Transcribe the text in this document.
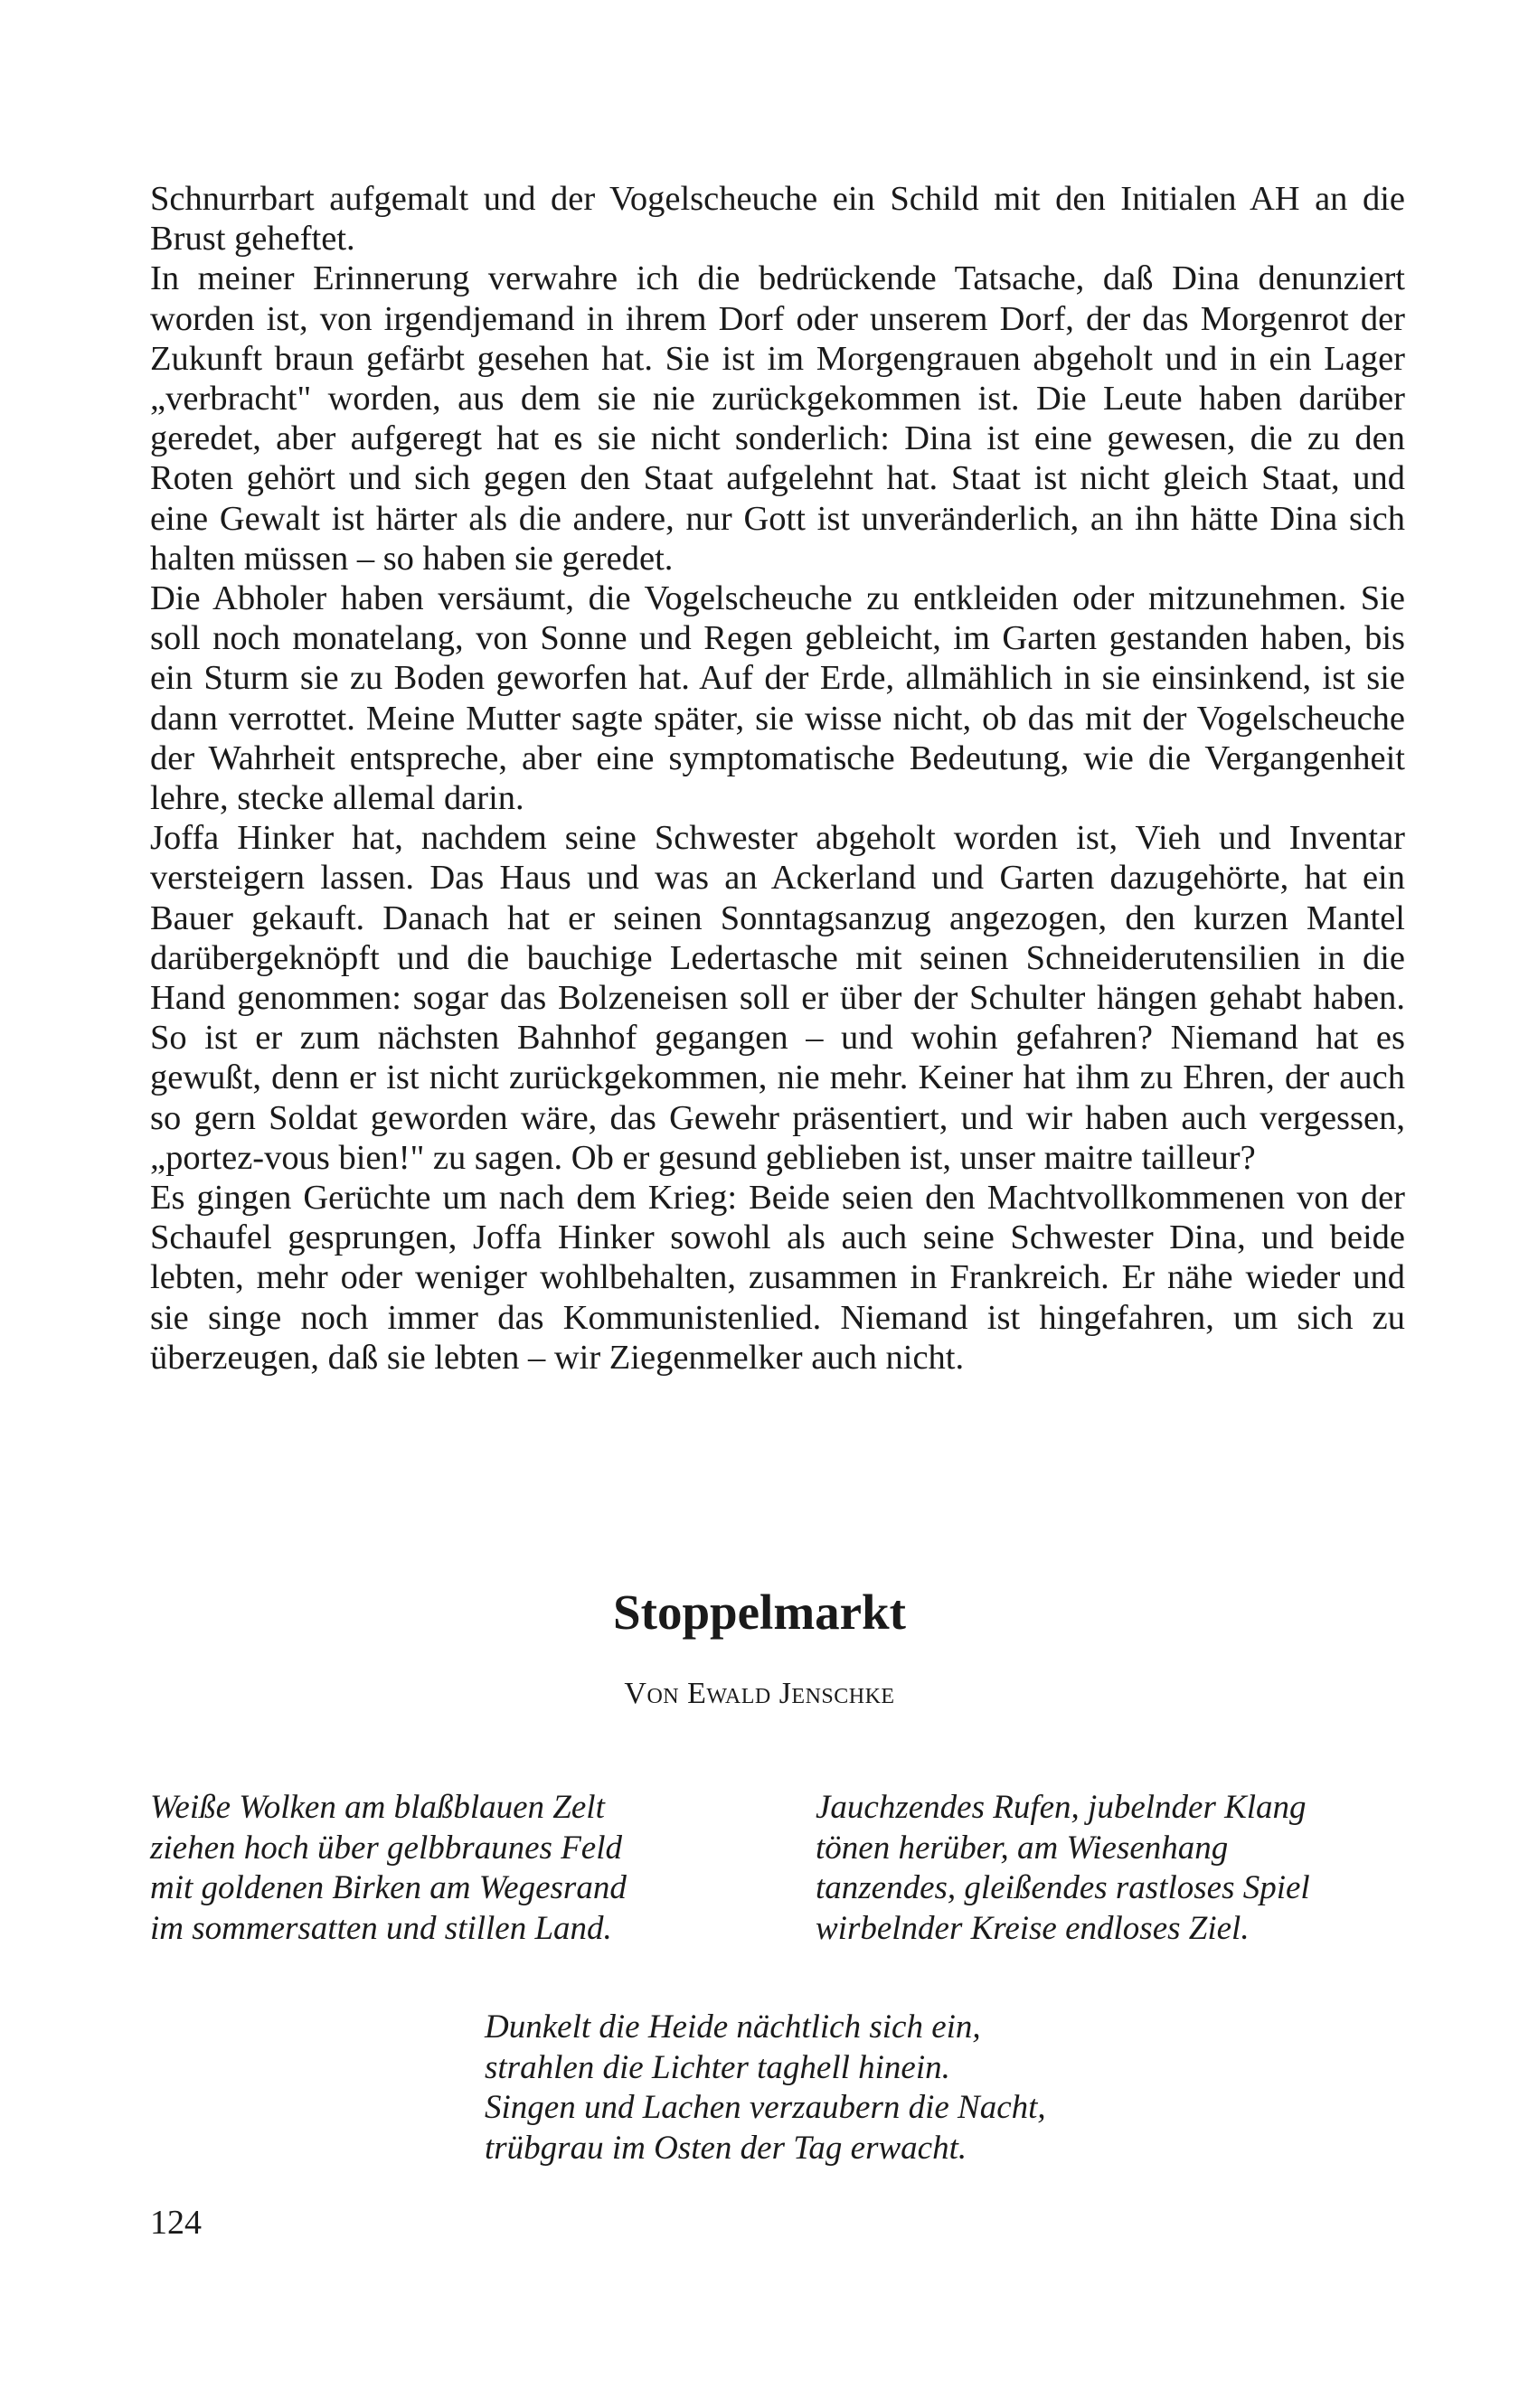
Schnurrbart aufgemalt und der Vogelscheuche ein Schild mit den Initialen AH an die Brust geheftet.

In meiner Erinnerung verwahre ich die bedrückende Tatsache, daß Dina denunziert worden ist, von irgendjemand in ihrem Dorf oder unserem Dorf, der das Morgenrot der Zukunft braun gefärbt gesehen hat. Sie ist im Morgengrauen abgeholt und in ein Lager „verbracht" worden, aus dem sie nie zurückgekommen ist. Die Leute haben darüber geredet, aber aufgeregt hat es sie nicht sonderlich: Dina ist eine gewesen, die zu den Roten gehört und sich gegen den Staat aufgelehnt hat. Staat ist nicht gleich Staat, und eine Gewalt ist härter als die andere, nur Gott ist unveränderlich, an ihn hätte Dina sich halten müssen – so haben sie geredet.

Die Abholer haben versäumt, die Vogelscheuche zu entkleiden oder mitzunehmen. Sie soll noch monatelang, von Sonne und Regen gebleicht, im Garten gestanden haben, bis ein Sturm sie zu Boden geworfen hat. Auf der Erde, allmählich in sie einsinkend, ist sie dann verrottet. Meine Mutter sagte später, sie wisse nicht, ob das mit der Vogelscheuche der Wahrheit entspreche, aber eine symptomatische Bedeutung, wie die Vergangenheit lehre, stecke allemal darin.

Joffa Hinker hat, nachdem seine Schwester abgeholt worden ist, Vieh und Inventar versteigern lassen. Das Haus und was an Ackerland und Garten dazugehörte, hat ein Bauer gekauft. Danach hat er seinen Sonntagsanzug angezogen, den kurzen Mantel darübergeknöpft und die bauchige Ledertasche mit seinen Schneiderutensilien in die Hand genommen: sogar das Bolzeneisen soll er über der Schulter hängen gehabt haben. So ist er zum nächsten Bahnhof gegangen – und wohin gefahren? Niemand hat es gewußt, denn er ist nicht zurückgekommen, nie mehr. Keiner hat ihm zu Ehren, der auch so gern Soldat geworden wäre, das Gewehr präsentiert, und wir haben auch vergessen, „portez-vous bien!" zu sagen. Ob er gesund geblieben ist, unser maitre tailleur?

Es gingen Gerüchte um nach dem Krieg: Beide seien den Machtvollkommenen von der Schaufel gesprungen, Joffa Hinker sowohl als auch seine Schwester Dina, und beide lebten, mehr oder weniger wohlbehalten, zusammen in Frankreich. Er nähe wieder und sie singe noch immer das Kommunistenlied. Niemand ist hingefahren, um sich zu überzeugen, daß sie lebten – wir Ziegenmelker auch nicht.

Stoppelmarkt
Von Ewald Jenschke
Weiße Wolken am blaßblauen Zelt
ziehen hoch über gelbbraunes Feld
mit goldenen Birken am Wegesrand
im sommersatten und stillen Land.
Jauchzendes Rufen, jubelnder Klang
tönen herüber, am Wiesenhang
tanzendes, gleißendes rastloses Spiel
wirbelnder Kreise endloses Ziel.
Dunkelt die Heide nächtlich sich ein,
strahlen die Lichter taghell hinein.
Singen und Lachen verzaubern die Nacht,
trübgrau im Osten der Tag erwacht.
124
